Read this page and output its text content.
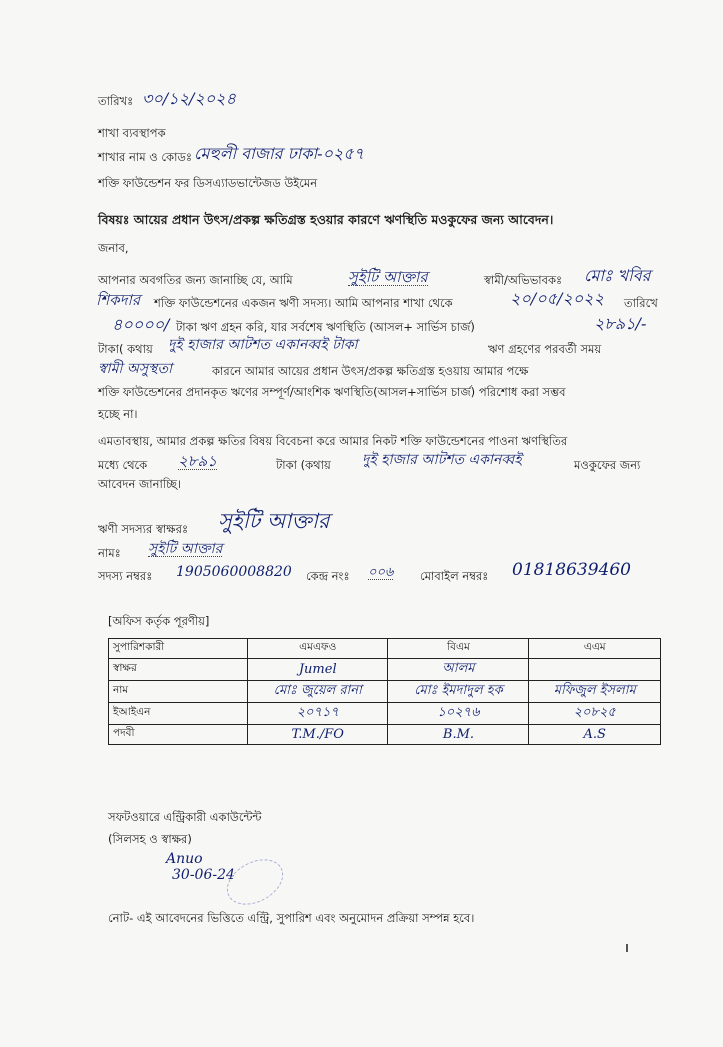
তারিখঃ ৩০/১২/২০২৪
শাখা ব্যবস্থাপক
শাখার নাম ও কোডঃ মেহুলী বাজার ঢাকা-০২৫৭
শক্তি ফাউন্ডেশন ফর ডিসএ্যাডভান্টেজড উইমেন
বিষয়ঃ আয়ের প্রধান উৎস/প্রকল্প ক্ষতিগ্রস্ত হওয়ার কারণে ঋণস্থিতি মওকুফের জন্য আবেদন।
জনাব,
আপনার অবগতির জন্য জানাচ্ছি যে, আমি	সুইটি আক্তার	স্বামী/অভিভাবকঃ মোঃ খবির
শিকদার শক্তি ফাউন্ডেশনের একজন ঋণী সদস্য। আমি আপনার শাখা থেকে	২০/০৫/২০২২ তারিখে
৪০০০০/ টাকা ঋণ গ্রহন করি, যার সর্বশেষ ঋণস্থিতি (আসল+ সার্ভিস চার্জ)	২৮৯১/-
টাকা( কথায় দুই হাজার আটশত একানব্বই টাকা	ঋণ গ্রহণের পরবর্তী সময়
স্বামী অসুস্থতা	কারনে আমার আয়ের প্রধান উৎস/প্রকল্প ক্ষতিগ্রস্ত হওয়ায় আমার পক্ষে
শক্তি ফাউন্ডেশনের প্রদানকৃত ঋণের সম্পূর্ণ/আংশিক ঋণস্থিতি(আসল+সার্ভিস চার্জ) পরিশোধ করা সম্ভব
হচ্ছে না।
এমতাবস্থায়, আমার প্রকল্প ক্ষতির বিষয় বিবেচনা করে আমার নিকট শক্তি ফাউন্ডেশনের পাওনা ঋণস্থিতির
মধ্যে থেকে ২৮৯১	টাকা (কথায় দুই হাজার আটশত একানব্বই	মওকুফের জন্য
আবেদন জানাচ্ছি।
ঋণী সদস্যর স্বাক্ষরঃ সুইটি আক্তার
নামঃ সুইটি আক্তার
সদস্য নম্বরঃ 1905060008820 কেন্দ্র নংঃ ০০৬ মোবাইল নম্বরঃ 01818639460
[অফিস কর্তৃক পূরণীয়]
সুপারিশকারী	এমএফও	বিএম	এএম
স্বাক্ষর	Jumel	আলম	
নাম	মোঃ জুয়েল রানা	মোঃ ইমদাদুল হক	মফিজুল ইসলাম
ইআইএন	২০৭১৭	১০২৭৬	২০৮২৫
পদবী	T.M./FO	B.M.	A.S
সফটওয়ারে এন্ট্রিকারী একাউন্টেন্ট
(সিলসহ ও স্বাক্ষর)
Anuo
30-06-24
নোট- এই আবেদনের ভিত্তিতে এন্ট্রি, সুপারিশ এবং অনুমোদন প্রক্রিয়া সম্পন্ন হবে।
